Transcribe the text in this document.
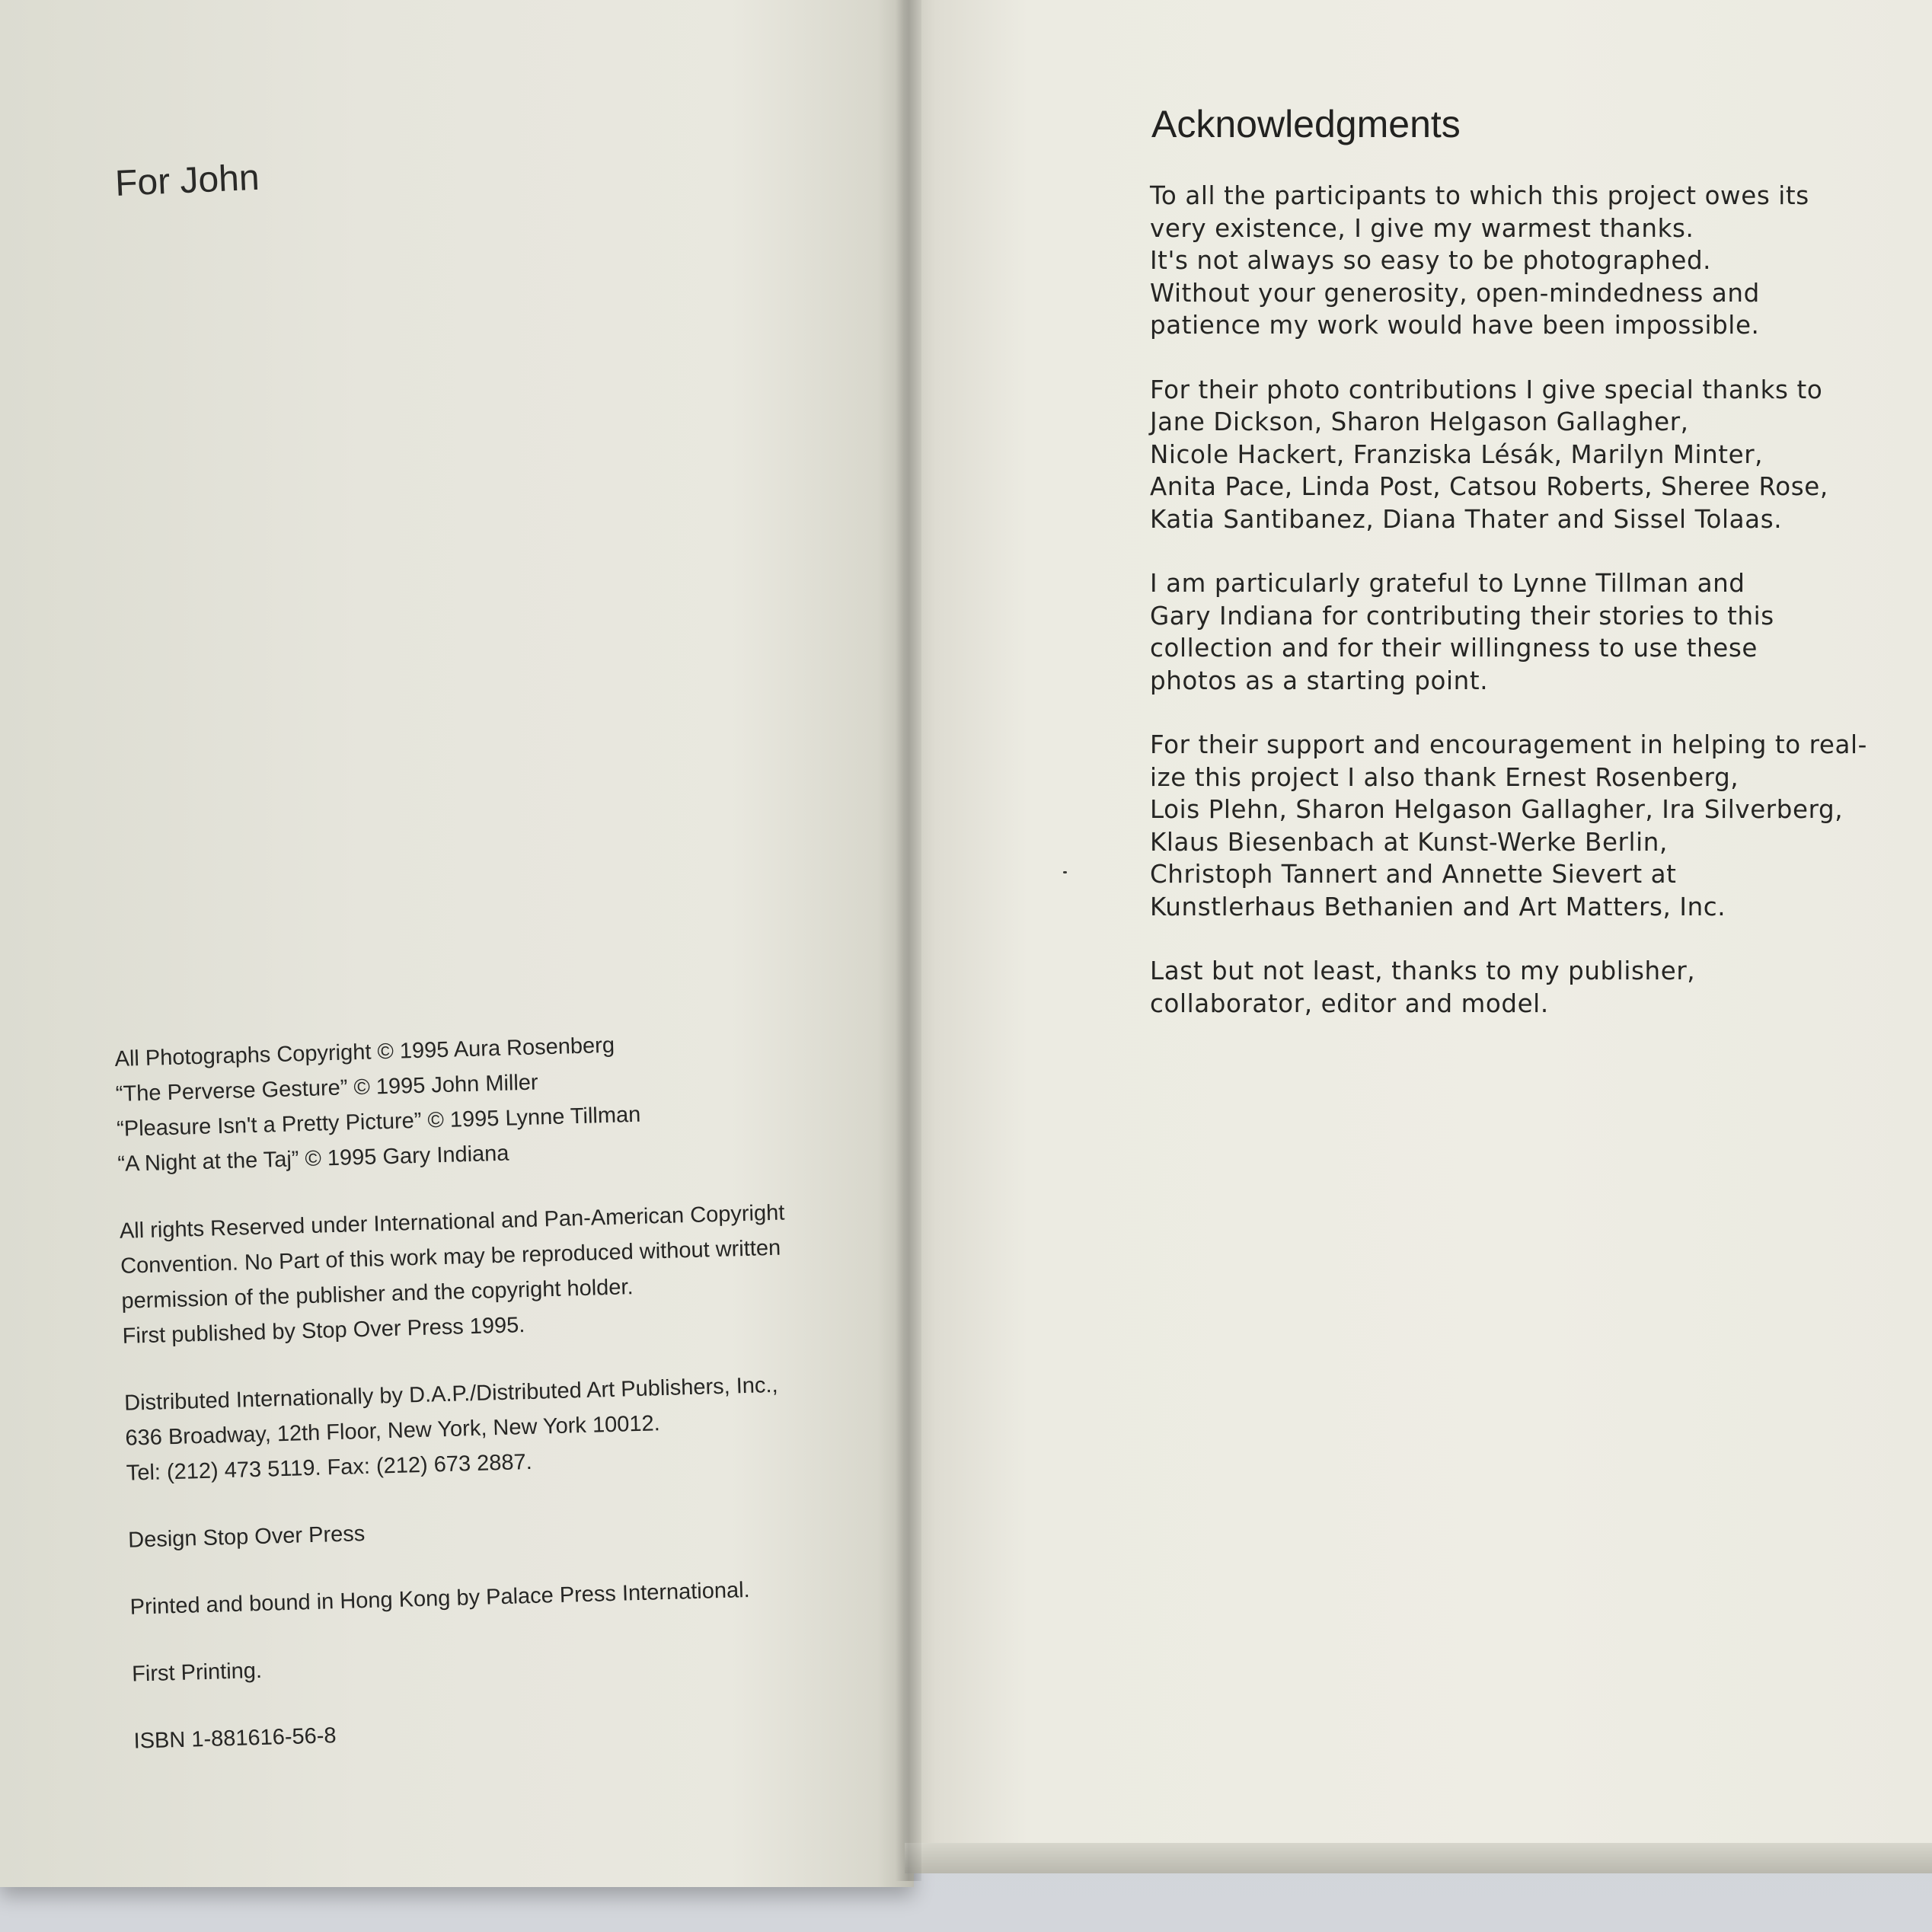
For John

All Photographs Copyright © 1995 Aura Rosenberg

“The Perverse Gesture” © 1995 John Miller

“Pleasure Isn't a Pretty Picture” © 1995 Lynne Tillman

“A Night at the Taj” © 1995 Gary Indiana

All rights Reserved under International and Pan-American Copyright

Convention. No Part of this work may be reproduced without written

permission of the publisher and the copyright holder.

First published by Stop Over Press 1995.

Distributed Internationally by D.A.P./Distributed Art Publishers, Inc.,

636 Broadway, 12th Floor, New York, New York 10012.

Tel: (212) 473 5119. Fax: (212) 673 2887.

Design Stop Over Press

Printed and bound in Hong Kong by Palace Press International.

First Printing.

ISBN 1-881616-56-8

Acknowledgments
To all the participants to which this project owes its
very existence, I give my warmest thanks.
It's not always so easy to be photographed.
Without your generosity, open-mindedness and
patience my work would have been impossible.
For their photo contributions I give special thanks to
Jane Dickson, Sharon Helgason Gallagher,
Nicole Hackert, Franziska Lésák, Marilyn Minter,
Anita Pace, Linda Post, Catsou Roberts, Sheree Rose,
Katia Santibanez, Diana Thater and Sissel Tolaas.
I am particularly grateful to Lynne Tillman and
Gary Indiana for contributing their stories to this
collection and for their willingness to use these
photos as a starting point.
For their support and encouragement in helping to real-
ize this project I also thank Ernest Rosenberg,
Lois Plehn, Sharon Helgason Gallagher, Ira Silverberg,
Klaus Biesenbach at Kunst-Werke Berlin,
Christoph Tannert and Annette Sievert at
Kunstlerhaus Bethanien and Art Matters, Inc.
Last but not least, thanks to my publisher,
collaborator, editor and model.
